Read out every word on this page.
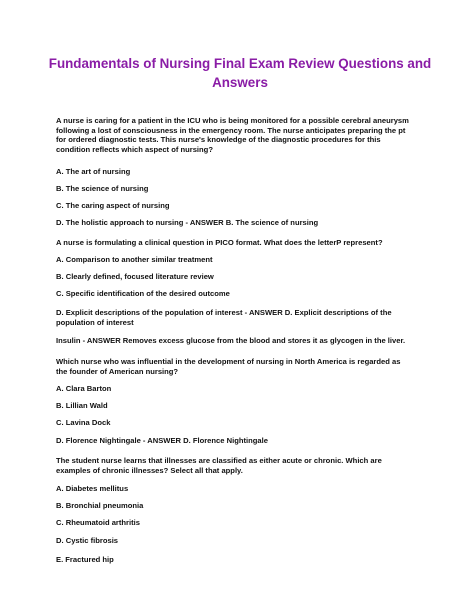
Fundamentals of Nursing Final Exam Review Questions and
Answers
A nurse is caring for a patient in the ICU who is being monitored for a possible cerebral aneurysm
following a lost of consciousness in the emergency room. The nurse anticipates preparing the pt
for ordered diagnostic tests. This nurse's knowledge of the diagnostic procedures for this
condition reflects which aspect of nursing?
A. The art of nursing
B. The science of nursing
C. The caring aspect of nursing
D. The holistic approach to nursing - ANSWER B. The science of nursing
A nurse is formulating a clinical question in PICO format. What does the letterP represent?
A. Comparison to another similar treatment
B. Clearly defined, focused literature review
C. Specific identification of the desired outcome
D. Explicit descriptions of the population of interest - ANSWER D. Explicit descriptions of the
population of interest
Insulin - ANSWER Removes excess glucose from the blood and stores it as glycogen in the liver.
Which nurse who was influential in the development of nursing in North America is regarded as
the founder of American nursing?
A. Clara Barton
B. Lillian Wald
C. Lavina Dock
D. Florence Nightingale - ANSWER D. Florence Nightingale
The student nurse learns that illnesses are classified as either acute or chronic. Which are
examples of chronic illnesses? Select all that apply.
A. Diabetes mellitus
B. Bronchial pneumonia
C. Rheumatoid arthritis
D. Cystic fibrosis
E. Fractured hip
